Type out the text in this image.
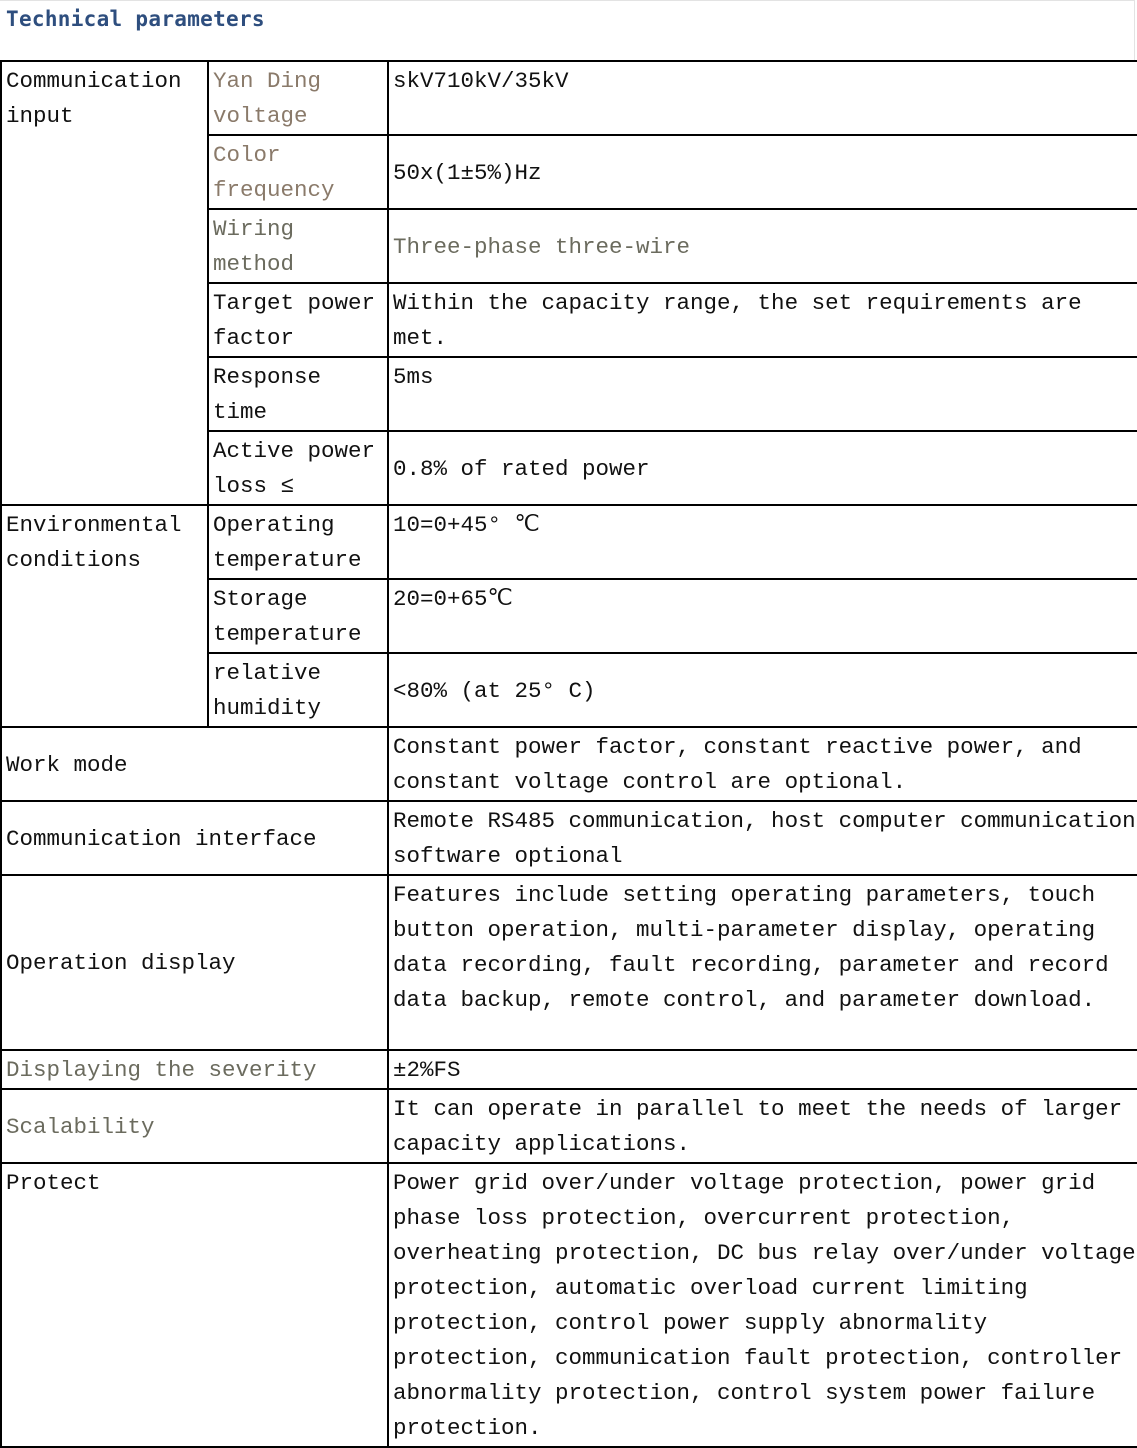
Technical parameters
Communication input	Yan Ding voltage	skV710kV/35kV
	Color frequency	50x(1±5%)Hz
	Wiring method	Three-phase three-wire
	Target power factor	Within the capacity range, the set requirements are met.
	Response time	5ms
	Active power loss ≤	0.8% of rated power
Environmental conditions	Operating temperature	10=0+45° ℃
	Storage temperature	20=0+65℃
	relative humidity	<80% (at 25° C)
Work mode		Constant power factor, constant reactive power, and constant voltage control are optional.
Communication interface		Remote RS485 communication, host computer communication software optional
Operation display		Features include setting operating parameters, touch button operation, multi-parameter display, operating data recording, fault recording, parameter and record data backup, remote control, and parameter download.
Displaying the severity		±2%FS
Scalability		It can operate in parallel to meet the needs of larger capacity applications.
Protect		Power grid over/under voltage protection, power grid phase loss protection, overcurrent protection, overheating protection, DC bus relay over/under voltage protection, automatic overload current limiting protection, control power supply abnormality protection, communication fault protection, controller abnormality protection, control system power failure protection.
